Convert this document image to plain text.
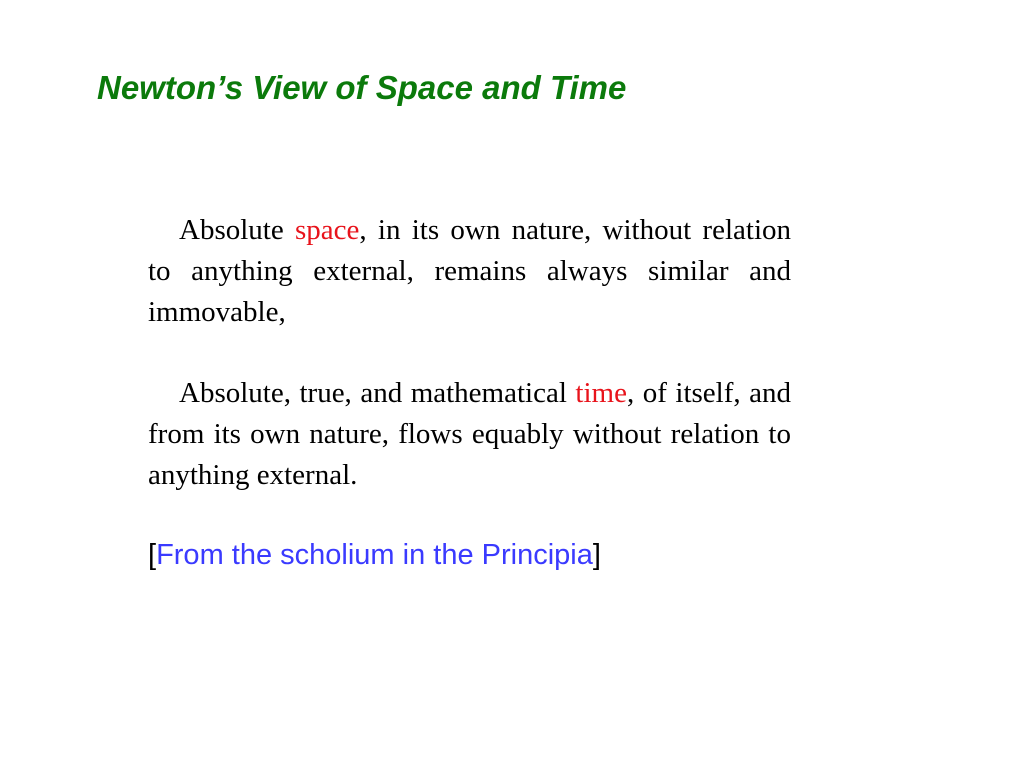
Newton’s View of Space and Time

Absolute space, in its own nature, without relation to anything external, remains always similar and immovable,

Absolute, true, and mathematical time, of itself, and from its own nature, flows equably without relation to anything external.

[From the scholium in the Principia]
